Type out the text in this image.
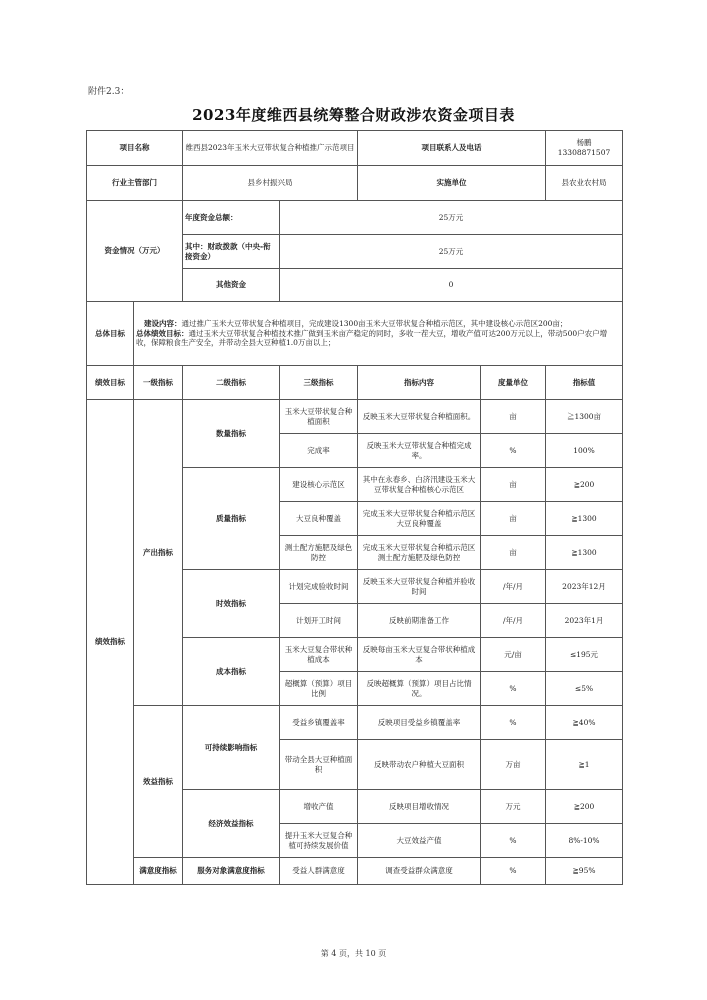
附件2.3：
2023年度维西县统筹整合财政涉农资金项目表
项目名称		维西县2023年玉米大豆带状复合种植推广示范项目		项目联系人及电话		杨鹏
13308871507
行业主管部门		县乡村振兴局		实施单位		县农业农村局
资金情况（万元）		年度资金总额：	25万元			
		其中：财政拨款（中央-衔接资金）	25万元			
		其他资金	0			
总体目标	建设内容：通过推广玉米大豆带状复合种植项目，完成建设1300亩玉米大豆带状复合种植示范区，其中建设核心示范区200亩；
总体绩效目标：通过玉米大豆带状复合种植技术推广做到玉米亩产稳定的同时，多收一茬大豆，增收产值可达200万元以上，带动500户农户增收，保障粮食生产安全，并带动全县大豆种植1.0万亩以上；					

绩效目标	一级指标	二级指标	三级指标	指标内容	度量单位	指标值
绩效指标	产出指标	数量指标	玉米大豆带状复合种植面积	反映玉米大豆带状复合种植面积。	亩	≧1300亩
			完成率	反映玉米大豆带状复合种植完成率。	%	100%
		质量指标	建设核心示范区	其中在永春乡、白济汛建设玉米大豆带状复合种植核心示范区	亩	≧200
			大豆良种覆盖	完成玉米大豆带状复合种植示范区大豆良种覆盖	亩	≧1300
			测土配方施肥及绿色防控	完成玉米大豆带状复合种植示范区测土配方施肥及绿色防控	亩	≧1300
		时效指标	计划完成验收时间	反映玉米大豆带状复合种植并验收时间	/年/月	2023年12月
			计划开工时间	反映前期准备工作	/年/月	2023年1月
		成本指标	玉米大豆复合带状种植成本	反映每亩玉米大豆复合带状种植成本	元/亩	≤195元
			超概算（预算）项目比例	反映超概算（预算）项目占比情况。	%	≤5%
	效益指标	可持续影响指标	受益乡镇覆盖率	反映项目受益乡镇覆盖率	%	≧40%
			带动全县大豆种植面积	反映带动农户种植大豆面积	万亩	≧1
		经济效益指标	增收产值	反映项目增收情况	万元	≧200
			提升玉米大豆复合种植可持续发展价值	大豆效益产值	%	8%-10%
	满意度指标	服务对象满意度指标	受益人群满意度	调查受益群众满意度	%	≧95%
第 4 页，共 10 页
